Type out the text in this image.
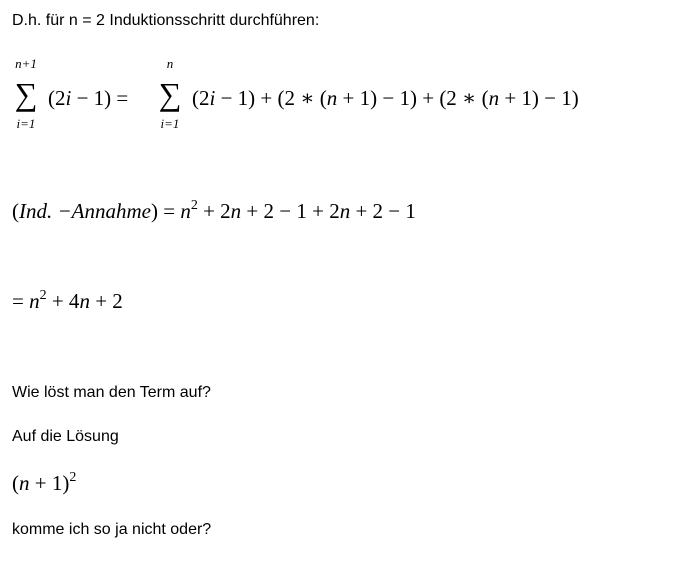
D.h. für n = 2 Induktionsschritt durchführen:
n+1
∑
i=1
(2i − 1) =
n
∑
i=1
(2i − 1) + (2 ∗ (n + 1) − 1) + (2 ∗ (n + 1) − 1)
(Ind. −Annahme) = $n^2 + 2n + 2 - 1 + 2n + 2 - 1$
= $n^2 + 4n + 2$
Wie löst man den Term auf?
Auf die Lösung
$(n + 1)^2$
komme ich so ja nicht oder?
